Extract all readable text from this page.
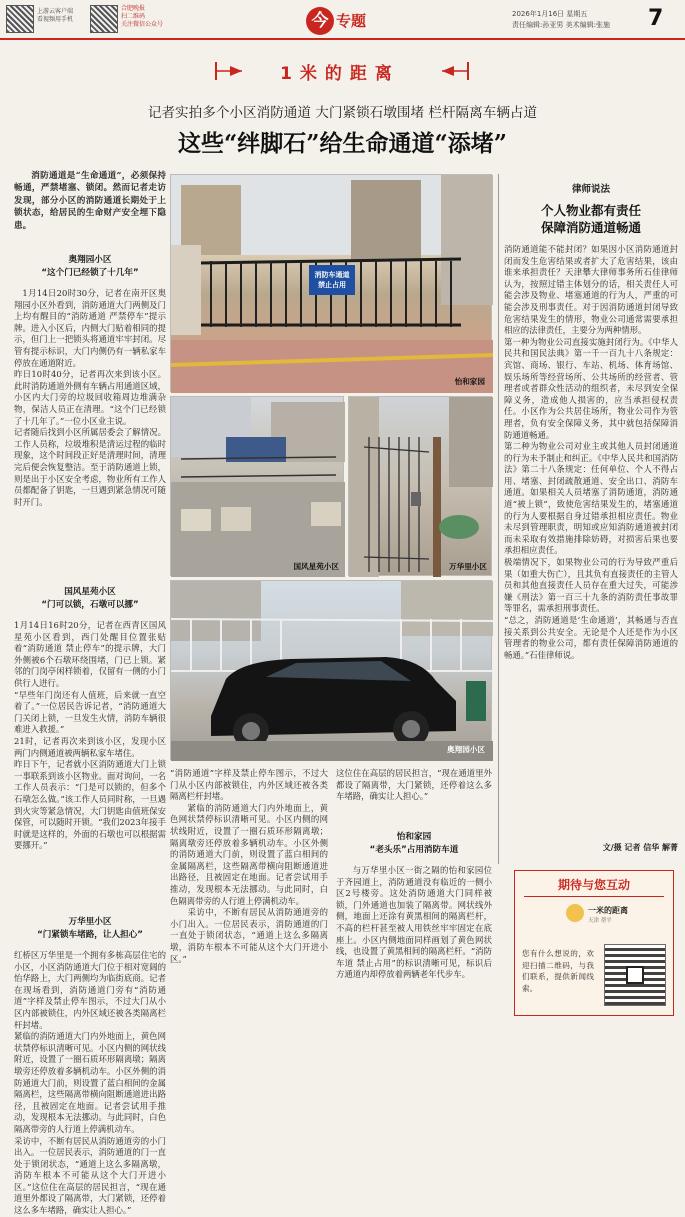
上游云客户端
看视频用手机
合肥晚报
扫二维码
关注微信公众号	今 专题	2026年1月16日 星期五
责任编辑:孙亚男 美术编辑:张施 7
1米的距离
记者实拍多个小区消防通道 大门紧锁石墩围堵 栏杆隔离车辆占道
这些“绊脚石”给生命通道“添堵”

消防通道是“生命通道”，必须保持畅通，严禁堵塞、锁闭。然而记者走访发现，部分小区的消防通道长期处于上锁状态，给居民的生命财产安全埋下隐患。

奥翔园小区
“这个门已经锁了十几年”
1月14日20时30分，记者在南开区奥翔园小区外看到，消防通道大门两侧及门上均有醒目的“消防通道 严禁停车”提示牌。进入小区后，内侧大门贴着相同的提示，但门上一把锁头将通道牢牢封闭。尽管有提示标识，大门内侧仍有一辆私家车停放在通道附近。
昨日10时40分，记者再次来到该小区。此时消防通道外侧有车辆占用通道区域，小区内大门旁的垃圾回收箱周边堆满杂物，保洁人员正在清理。“这个门已经锁了十几年了。”一位小区业主说。
记者随后找到小区所属居委会了解情况。工作人员称，垃圾堆积是清运过程的临时现象，这个时间段正好是清理时间，清理完后便会恢复整洁。至于消防通道上锁，则是出于小区安全考虑，物业所有工作人员都配备了钥匙，一旦遇到紧急情况可随时开门。
国风星苑小区
“门可以锁，石墩可以挪”
1月14日16时20分，记者在西青区国风星苑小区看到，西门处醒目位置张贴着“消防通道 禁止停车”的提示牌，大门外侧被6个石墩环绕围堵，门已上锁。紧邻的门岗亭闲样锁着，仅留有一侧的小门供行人进行。
“早些年门岗还有人值班，后来就一直空着了。”一位居民告诉记者，“消防通道大门关闭上锁，一旦发生火情，消防车辆很难进入救援。”
21时，记者再次来到该小区，发现小区两门内侧通道被两辆私家车堵住。
昨日下午，记者就小区消防通道大门上锁一事联系到该小区物业。面对询问，一名工作人员表示：“门是可以锁的，但多个石墩怎么做。”该工作人员同时称，一旦遇到火灾等紧急情况，大门钥匙由值班保安保管，可以随时开锁。“我们2023年接手时就是这样的，外面的石墩也可以根据需要挪开。”
万华里小区
“门紧锁车堵路，让人担心”
红桥区万华里是一个拥有多栋高层住宅的小区，小区消防通道大门位于相对宽阔的怡华路上，大门两侧均为临街底商。记者在现场看到，消防通道门旁有“消防通道”字样及禁止停车图示，不过大门从小区内部被锁住，内外区域还被各类隔离栏杆封堵。
紧临的消防通道大门内外地面上，黄色网状禁停标识清晰可见。小区内侧的网状线附近，设置了一圈石质环形隔离墩；隔离墩旁还停放着多辆机动车。小区外侧的消防通道大门前，则设置了蓝白相间的金属隔离栏，这些隔离带横向阻断通道进出路径，且被固定在地面。记者尝试用手推动，发现根本无法挪动。与此同时，白色隔离带旁的人行道上停满机动车。
采访中，不断有居民从消防通道旁的小门出入。一位居民表示，消防通道的门一直处于锁闭状态，“通道上这么多隔离墩，消防车根本不可能从这个大门开进小区。”这位住在高层的居民担言，“现在通道里外都设了隔离带，大门紧锁，还停着这么多车堵路，确实让人担心。”
消防车通道
禁止占用
怡和家园
国风星苑小区	万华里小区
奥翔园小区
“消防通道”字样及禁止停车图示，不过大门从小区内部被锁住，内外区域还被各类隔离栏杆封堵。
　　紧临的消防通道大门内外地面上，黄色网状禁停标识清晰可见。小区内侧的网状线附近，设置了一圈石质环形隔离墩；隔离墩旁还停放着多辆机动车。小区外侧的消防通道大门前，则设置了蓝白相间的金属隔离栏，这些隔离带横向阻断通道进出路径，且被固定在地面。记者尝试用手推动，发现根本无法挪动。与此同时，白色隔离带旁的人行道上停满机动车。
　　采访中，不断有居民从消防通道旁的小门出入。一位居民表示，消防通道的门一直处于锁闭状态，“通道上这么多隔离墩，消防车根本不可能从这个大门开进小区。”
这位住在高层的居民担言，“现在通道里外都设了隔离带，大门紧锁，还停着这么多车堵路，确实让人担心。”
怡和家园
“老头乐”占用消防车道
与万华里小区一街之隔的怡和家园位于齐园道上，消防通道没有临近的一侧小区2号楼旁。这处消防通道大门同样被锁，门外通道也加装了隔离带。网状线外侧，地面上还涂有黄黑相间的隔离栏杆，不高的栏杆甚至被人用铁丝牢牢固定在底座上。小区内侧地面同样画划了黄色网状线，也设置了黄黑相间的隔离栏杆。“消防车道 禁止占用”的标识清晰可见，标识后方通道内却停放着两辆老年代步车。
律师说法
个人物业都有责任
保障消防通道畅通
消防通道能不能封闭？如果因小区消防通道封闭而发生危害结果或者扩大了危害结果，该由谁来承担责任？天津攀大律师事务所石佳律师认为，按照过错主体划分的话，相关责任人可能会涉及物业、堵塞通道的行为人，严重的可能会涉及刑事责任。对于因消防通道封闭导致危害结果发生的情形，物业公司通常需要承担相应的法律责任，主要分为两种情形。
第一种为物业公司直接实施封闭行为。《中华人民共和国民法典》第一千一百九十八条规定：宾馆、商场、银行、车站、机场、体育场馆、娱乐场所等经营场所、公共场所的经营者、管理者或者群众性活动的组织者，未尽到安全保障义务，造成他人损害的，应当承担侵权责任。小区作为公共居住场所，物业公司作为管理者，负有安全保障义务，其中就包括保障消防通道畅通。
第二种为物业公司对业主或其他人员封闭通道的行为未予制止和纠正。《中华人民共和国消防法》第二十八条规定：任何单位、个人不得占用、堵塞、封闭疏散通道、安全出口、消防车通道。如果相关人员堵塞了消防通道，消防通道“被上锁”，致使危害结果发生的，堵塞通道的行为人要根据自身过错承担相应责任。物业未尽到管理职责，明知或应知消防通道被封闭而未采取有效措施排除妨碍，对损害后果也要承担相应责任。
极端情况下，如果物业公司的行为导致严重后果（如重大伤亡），且其负有直接责任的主管人员和其他直接责任人员存在重大过失，可能涉嫌《刑法》第一百三十九条的消防责任事故罪等罪名，需承担刑事责任。
“总之，消防通道是‘生命通道’，其畅通与否直接关系到公共安全。无论是个人还是作为小区管理者的物业公司，都有责任保障消防通道的畅通。”石佳律师说。
文/摄 记者 信华 解菁
期待与您互动
一米的距离
天津 帮平
您有什么想说的，欢迎扫描二维码，与我们联系，提供新闻线索。
